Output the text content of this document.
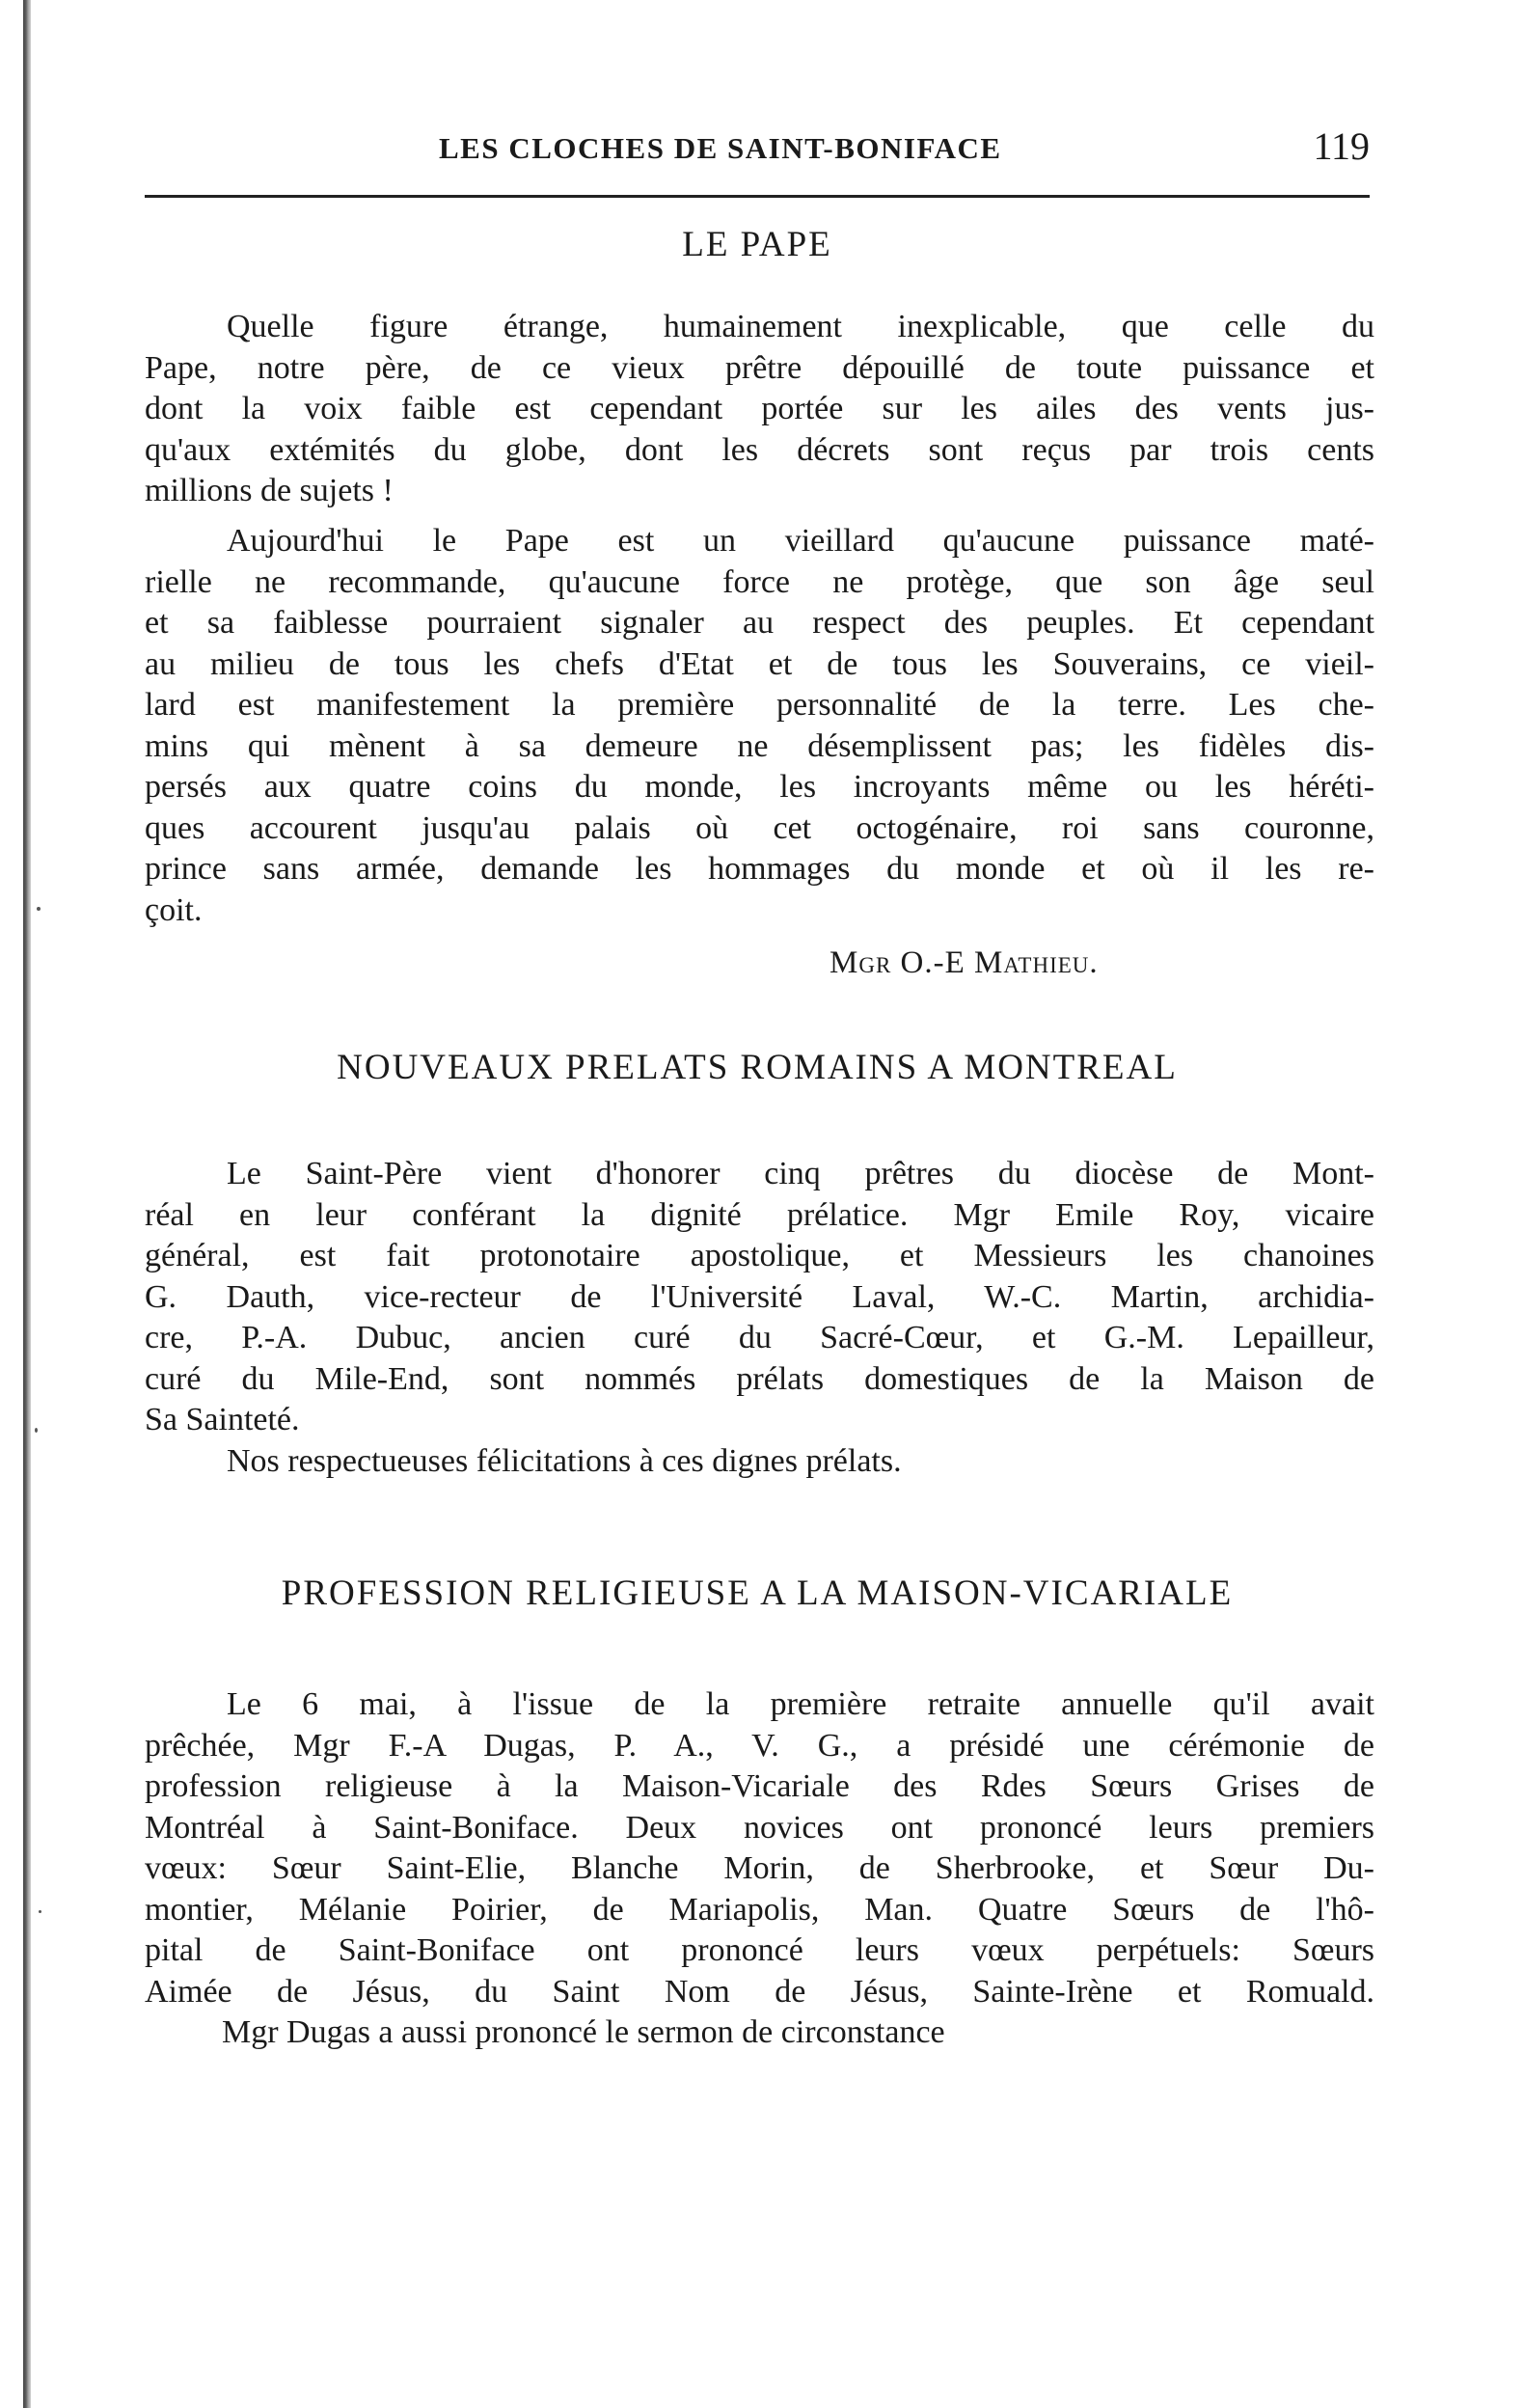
LES CLOCHES DE SAINT-BONIFACE	119
LE PAPE
Quelle figure étrange, humainement inexplicable, que celle du
Pape, notre père, de ce vieux prêtre dépouillé de toute puissance et
dont la voix faible est cependant portée sur les ailes des vents jus-
qu'aux extémités du globe, dont les décrets sont reçus par trois cents
millions de sujets !
Aujourd'hui le Pape est un vieillard qu'aucune puissance maté-
rielle ne recommande, qu'aucune force ne protège, que son âge seul
et sa faiblesse pourraient signaler au respect des peuples. Et cependant
au milieu de tous les chefs d'Etat et de tous les Souverains, ce vieil-
lard est manifestement la première personnalité de la terre. Les che-
mins qui mènent à sa demeure ne désemplissent pas; les fidèles dis-
persés aux quatre coins du monde, les incroyants même ou les héréti-
ques accourent jusqu'au palais où cet octogénaire, roi sans couronne,
prince sans armée, demande les hommages du monde et où il les re-
çoit.
Mgr O.-E Mathieu.
NOUVEAUX PRELATS ROMAINS A MONTREAL
Le Saint-Père vient d'honorer cinq prêtres du diocèse de Mont-
réal en leur conférant la dignité prélatice. Mgr Emile Roy, vicaire
général, est fait protonotaire apostolique, et Messieurs les chanoines
G. Dauth, vice-recteur de l'Université Laval, W.-C. Martin, archidia-
cre, P.-A. Dubuc, ancien curé du Sacré-Cœur, et G.-M. Lepailleur,
curé du Mile-End, sont nommés prélats domestiques de la Maison de
Sa Sainteté.
Nos respectueuses félicitations à ces dignes prélats.
PROFESSION RELIGIEUSE A LA MAISON-VICARIALE
Le 6 mai, à l'issue de la première retraite annuelle qu'il avait
prêchée, Mgr F.-A Dugas, P. A., V. G., a présidé une cérémonie de
profession religieuse à la Maison-Vicariale des Rdes Sœurs Grises de
Montréal à Saint-Boniface. Deux novices ont prononcé leurs premiers
vœux: Sœur Saint-Elie, Blanche Morin, de Sherbrooke, et Sœur Du-
montier, Mélanie Poirier, de Mariapolis, Man. Quatre Sœurs de l'hô-
pital de Saint-Boniface ont prononcé leurs vœux perpétuels: Sœurs
Aimée de Jésus, du Saint Nom de Jésus, Sainte-Irène et Romuald.
Mgr Dugas a aussi prononcé le sermon de circonstance
